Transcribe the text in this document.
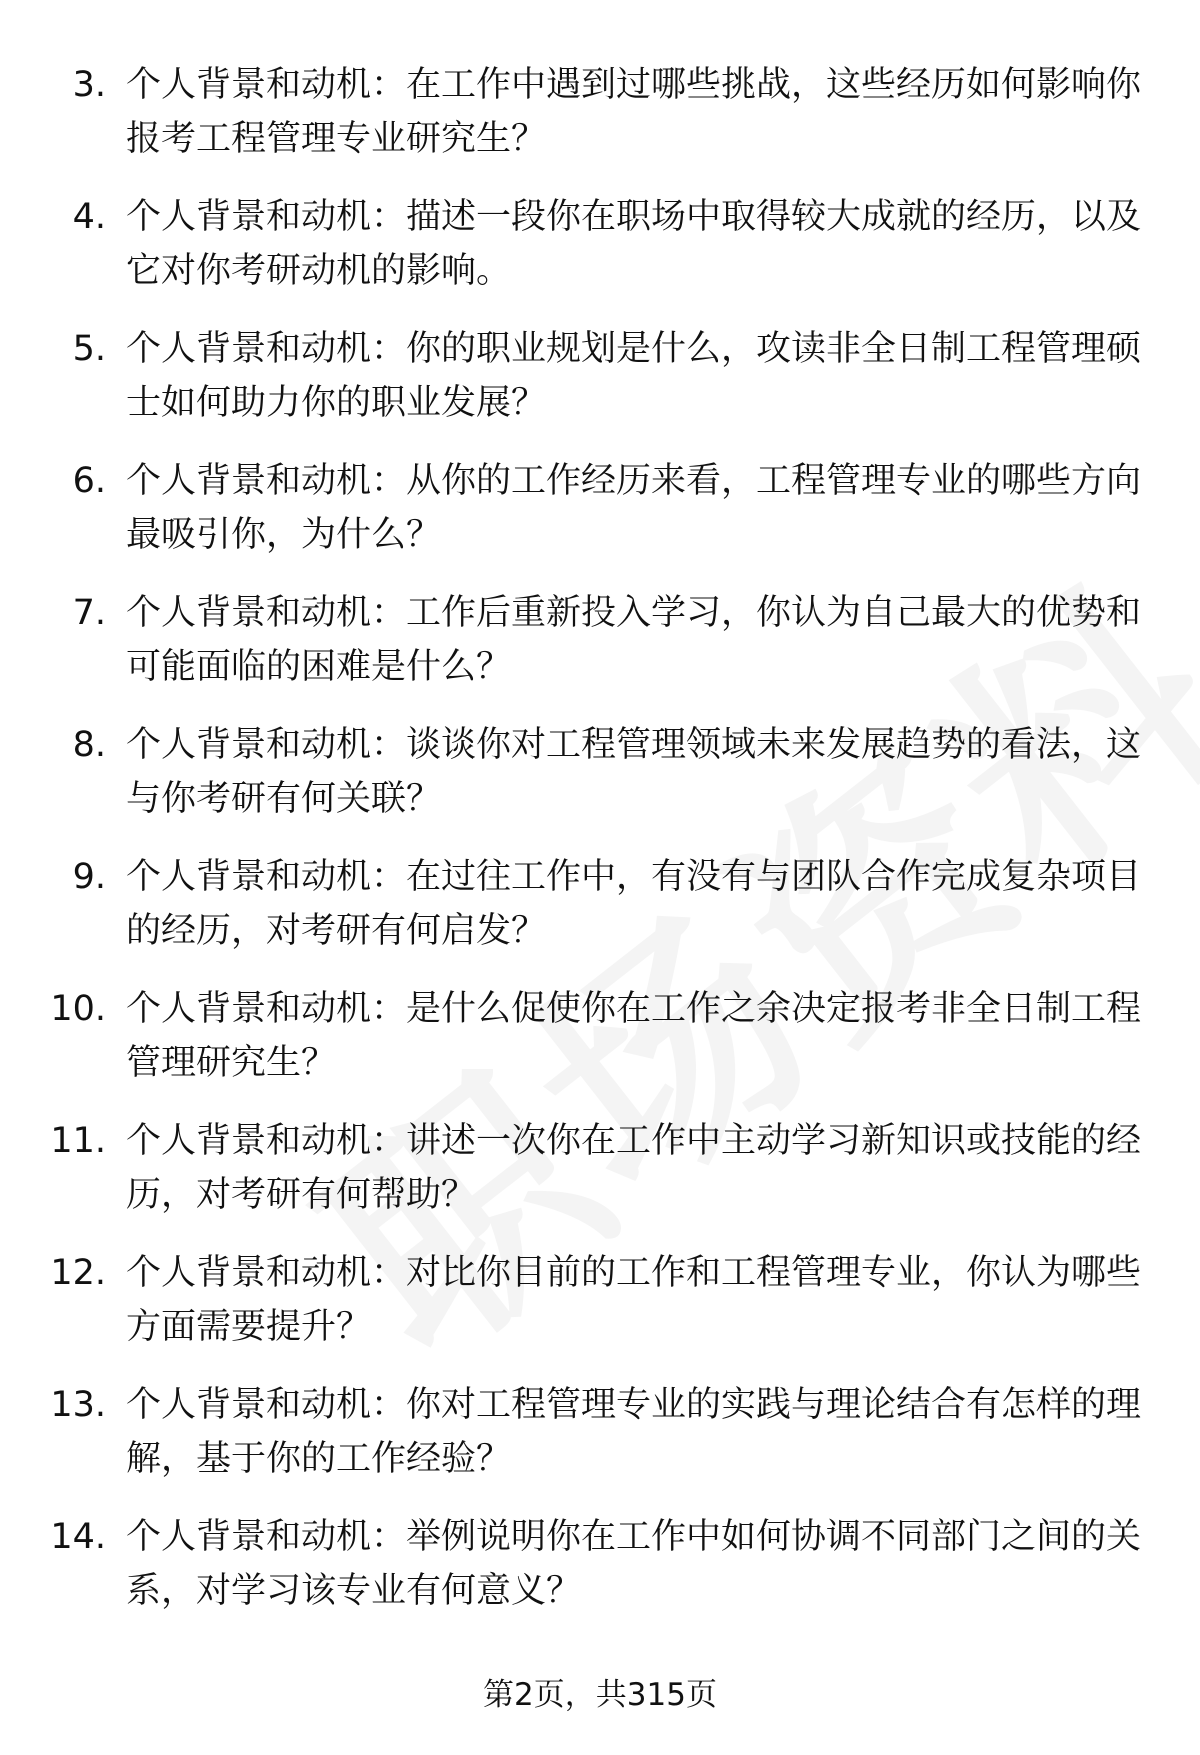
3. 个人背景和动机：在工作中遇到过哪些挑战，这些经历如何影响你报考工程管理专业研究生？
4. 个人背景和动机：描述一段你在职场中取得较大成就的经历，以及它对你考研动机的影响。
5. 个人背景和动机：你的职业规划是什么，攻读非全日制工程管理硕士如何助力你的职业发展？
6. 个人背景和动机：从你的工作经历来看，工程管理专业的哪些方向最吸引你，为什么？
7. 个人背景和动机：工作后重新投入学习，你认为自己最大的优势和可能面临的困难是什么？
8. 个人背景和动机：谈谈你对工程管理领域未来发展趋势的看法，这与你考研有何关联？
9. 个人背景和动机：在过往工作中，有没有与团队合作完成复杂项目的经历，对考研有何启发？
10. 个人背景和动机：是什么促使你在工作之余决定报考非全日制工程管理研究生？
11. 个人背景和动机：讲述一次你在工作中主动学习新知识或技能的经历，对考研有何帮助？
12. 个人背景和动机：对比你目前的工作和工程管理专业，你认为哪些方面需要提升？
13. 个人背景和动机：你对工程管理专业的实践与理论结合有怎样的理解，基于你的工作经验？
14. 个人背景和动机：举例说明你在工作中如何协调不同部门之间的关系，对学习该专业有何意义？
第2页，共315页
